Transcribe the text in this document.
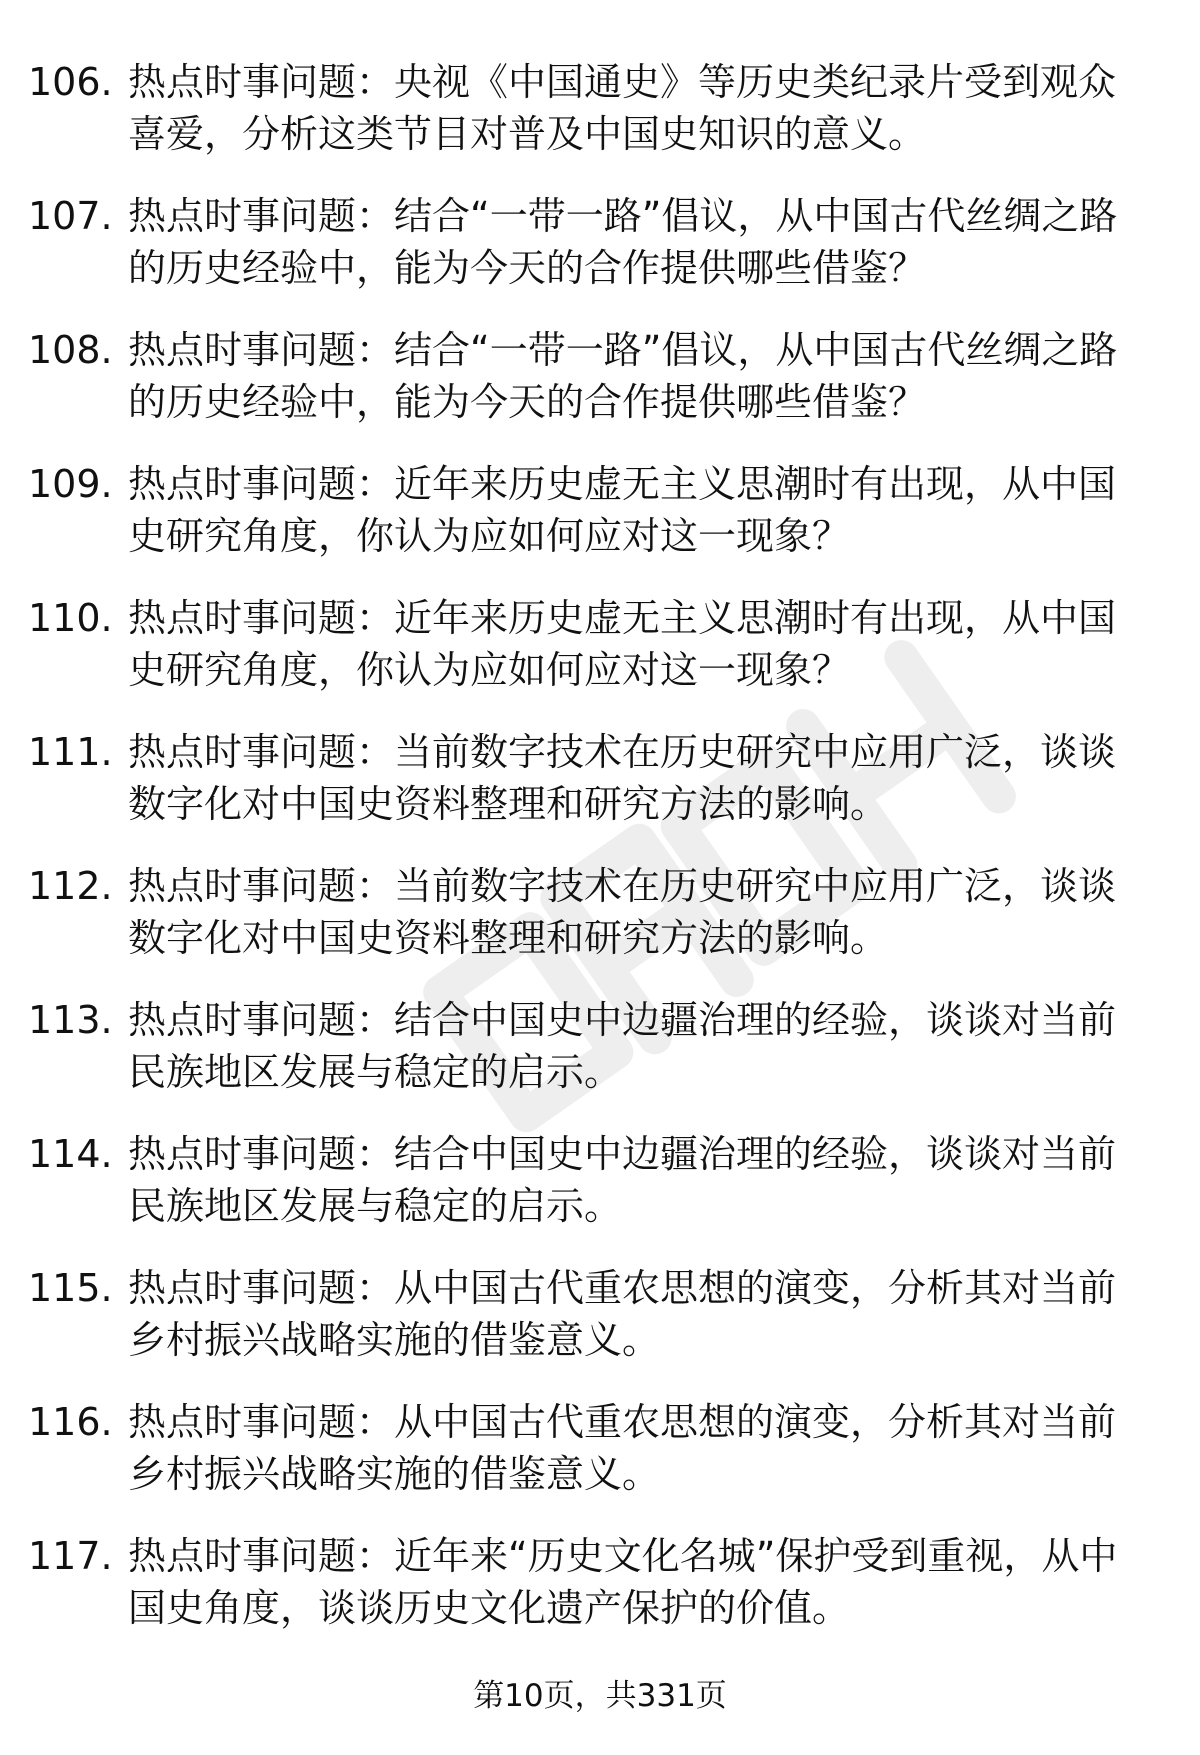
106. 热点时事问题：央视《中国通史》等历史类纪录片受到观众喜爱，分析这类节目对普及中国史知识的意义。
107. 热点时事问题：结合“一带一路”倡议，从中国古代丝绸之路的历史经验中，能为今天的合作提供哪些借鉴？
108. 热点时事问题：结合“一带一路”倡议，从中国古代丝绸之路的历史经验中，能为今天的合作提供哪些借鉴？
109. 热点时事问题：近年来历史虚无主义思潮时有出现，从中国史研究角度，你认为应如何应对这一现象？
110. 热点时事问题：近年来历史虚无主义思潮时有出现，从中国史研究角度，你认为应如何应对这一现象？
111. 热点时事问题：当前数字技术在历史研究中应用广泛，谈谈数字化对中国史资料整理和研究方法的影响。
112. 热点时事问题：当前数字技术在历史研究中应用广泛，谈谈数字化对中国史资料整理和研究方法的影响。
113. 热点时事问题：结合中国史中边疆治理的经验，谈谈对当前民族地区发展与稳定的启示。
114. 热点时事问题：结合中国史中边疆治理的经验，谈谈对当前民族地区发展与稳定的启示。
115. 热点时事问题：从中国古代重农思想的演变，分析其对当前乡村振兴战略实施的借鉴意义。
116. 热点时事问题：从中国古代重农思想的演变，分析其对当前乡村振兴战略实施的借鉴意义。
117. 热点时事问题：近年来“历史文化名城”保护受到重视，从中国史角度，谈谈历史文化遗产保护的价值。
第10页，共331页
